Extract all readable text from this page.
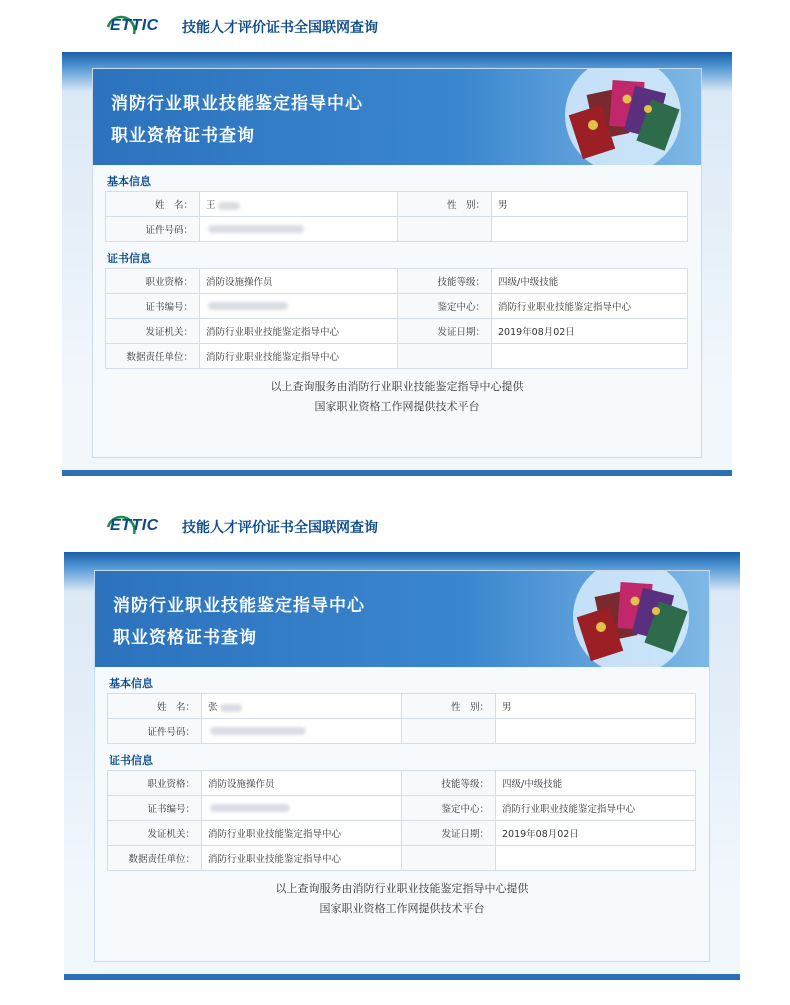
ETTIC 技能人才评价证书全国联网查询
消防行业职业技能鉴定指导中心
职业资格证书查询
基本信息
姓　名：	王	性　别：	男
证件号码：			
证书信息
职业资格：	消防设施操作员	技能等级：	四级/中级技能
证书编号：		鉴定中心：	消防行业职业技能鉴定指导中心
发证机关：	消防行业职业技能鉴定指导中心	发证日期：	2019年08月02日
数据责任单位：	消防行业职业技能鉴定指导中心		
以上查询服务由消防行业职业技能鉴定指导中心提供
国家职业资格工作网提供技术平台
ETTIC 技能人才评价证书全国联网查询
消防行业职业技能鉴定指导中心
职业资格证书查询
基本信息
姓　名：	张	性　别：	男
证件号码：			
证书信息
职业资格：	消防设施操作员	技能等级：	四级/中级技能
证书编号：		鉴定中心：	消防行业职业技能鉴定指导中心
发证机关：	消防行业职业技能鉴定指导中心	发证日期：	2019年08月02日
数据责任单位：	消防行业职业技能鉴定指导中心		
以上查询服务由消防行业职业技能鉴定指导中心提供
国家职业资格工作网提供技术平台
